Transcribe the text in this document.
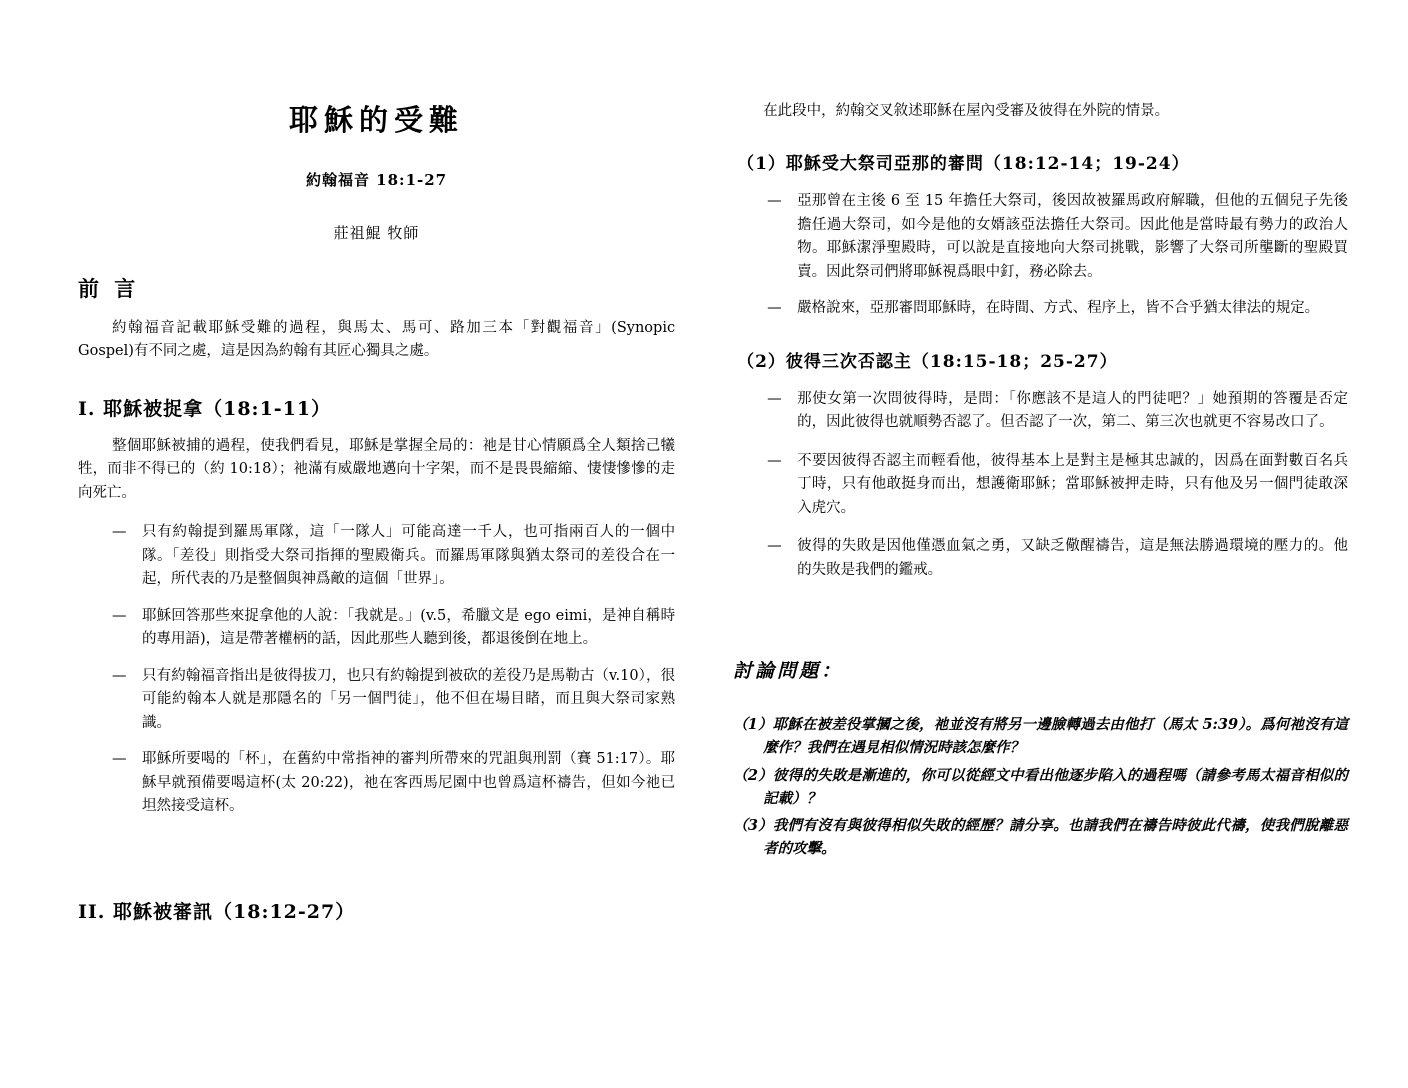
耶穌的受難
約翰福音 18:1-27
莊祖鯤 牧師
前 言

約翰福音記載耶穌受難的過程，與馬太、馬可、路加三本「對觀福音」(Synopic Gospel)有不同之處，這是因為約翰有其匠心獨具之處。

I. 耶穌被捉拿（18:1-11）

整個耶穌被捕的過程，使我們看見，耶穌是掌握全局的：祂是甘心情願爲全人類捨己犧牲，而非不得已的（約 10:18）；祂滿有威嚴地邁向十字架，而不是畏畏縮縮、悽悽慘慘的走向死亡。

— 只有約翰提到羅馬軍隊，這「一隊人」可能高達一千人，也可指兩百人的一個中隊。「差役」則指受大祭司指揮的聖殿衛兵。而羅馬軍隊與猶太祭司的差役合在一起，所代表的乃是整個與神爲敵的這個「世界」。
— 耶穌回答那些來捉拿他的人說：「我就是。」(v.5，希臘文是 ego eimi，是神自稱時的專用語)，這是帶著權柄的話，因此那些人聽到後，都退後倒在地上。
— 只有約翰福音指出是彼得拔刀，也只有約翰提到被砍的差役乃是馬勒古（v.10），很可能約翰本人就是那隱名的「另一個門徒」，他不但在場目睹，而且與大祭司家熟識。
— 耶穌所要喝的「杯」，在舊約中常指神的審判所帶來的咒詛與刑罰（賽 51:17）。耶穌早就預備要喝這杯(太 20:22)，祂在客西馬尼園中也曾爲這杯禱告，但如今祂已坦然接受這杯。
II. 耶穌被審訊（18:12-27）

在此段中，約翰交叉敘述耶穌在屋內受審及彼得在外院的情景。

（1）耶穌受大祭司亞那的審問（18:12-14；19-24）
— 亞那曾在主後 6 至 15 年擔任大祭司，後因故被羅馬政府解職，但他的五個兒子先後擔任過大祭司，如今是他的女婿該亞法擔任大祭司。因此他是當時最有勢力的政治人物。耶穌潔淨聖殿時，可以說是直接地向大祭司挑戰，影響了大祭司所壟斷的聖殿買賣。因此祭司們將耶穌視爲眼中釘，務必除去。
— 嚴格說來，亞那審問耶穌時，在時間、方式、程序上，皆不合乎猶太律法的規定。
（2）彼得三次否認主（18:15-18；25-27）
— 那使女第一次問彼得時，是問：「你應該不是這人的門徒吧？」她預期的答覆是否定的，因此彼得也就順勢否認了。但否認了一次，第二、第三次也就更不容易改口了。
— 不要因彼得否認主而輕看他，彼得基本上是對主是極其忠誠的，因爲在面對數百名兵丁時，只有他敢挺身而出，想護衛耶穌；當耶穌被押走時，只有他及另一個門徒敢深入虎穴。
— 彼得的失敗是因他僅憑血氣之勇，又缺乏儆醒禱告，這是無法勝過環境的壓力的。他的失敗是我們的鑑戒。
討論問題：
（1）耶穌在被差役掌摑之後，祂並沒有將另一邊臉轉過去由他打（馬太 5:39）。爲何祂沒有這麼作？我們在遇見相似情況時該怎麼作？
（2）彼得的失敗是漸進的，你可以從經文中看出他逐步陷入的過程嗎（請參考馬太福音相似的記載）？
（3）我們有沒有與彼得相似失敗的經歷？請分享。也請我們在禱告時彼此代禱，使我們脫離惡者的攻擊。
